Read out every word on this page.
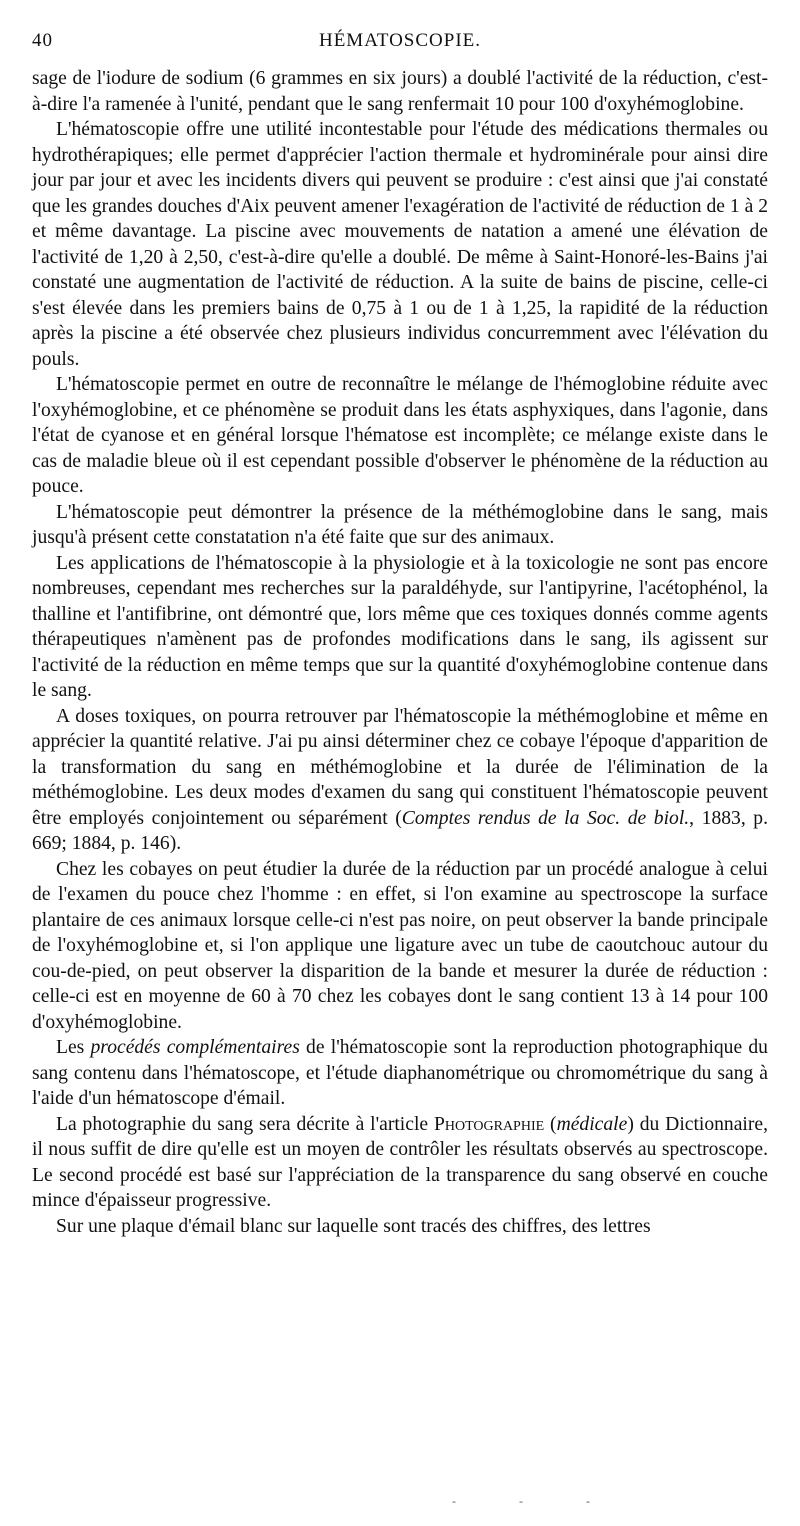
40	HÉMATOSCOPIE.

sage de l'iodure de sodium (6 grammes en six jours) a doublé l'activité de la réduction, c'est-à-dire l'a ramenée à l'unité, pendant que le sang renfermait 10 pour 100 d'oxyhémoglobine.

L'hématoscopie offre une utilité incontestable pour l'étude des médications thermales ou hydrothérapiques; elle permet d'apprécier l'action thermale et hydrominérale pour ainsi dire jour par jour et avec les incidents divers qui peuvent se produire : c'est ainsi que j'ai constaté que les grandes douches d'Aix peuvent amener l'exagération de l'activité de réduction de 1 à 2 et même davantage. La piscine avec mouvements de natation a amené une élévation de l'activité de 1,20 à 2,50, c'est-à-dire qu'elle a doublé. De même à Saint-Honoré-les-Bains j'ai constaté une augmentation de l'activité de réduction. A la suite de bains de piscine, celle-ci s'est élevée dans les premiers bains de 0,75 à 1 ou de 1 à 1,25, la rapidité de la réduction après la piscine a été observée chez plusieurs individus concurremment avec l'élévation du pouls.

L'hématoscopie permet en outre de reconnaître le mélange de l'hémoglobine réduite avec l'oxyhémoglobine, et ce phénomène se produit dans les états asphyxiques, dans l'agonie, dans l'état de cyanose et en général lorsque l'hématose est incomplète; ce mélange existe dans le cas de maladie bleue où il est cependant possible d'observer le phénomène de la réduction au pouce.

L'hématoscopie peut démontrer la présence de la méthémoglobine dans le sang, mais jusqu'à présent cette constatation n'a été faite que sur des animaux.

Les applications de l'hématoscopie à la physiologie et à la toxicologie ne sont pas encore nombreuses, cependant mes recherches sur la paraldéhyde, sur l'antipyrine, l'acétophénol, la thalline et l'antifibrine, ont démontré que, lors même que ces toxiques donnés comme agents thérapeutiques n'amènent pas de profondes modifications dans le sang, ils agissent sur l'activité de la réduction en même temps que sur la quantité d'oxyhémoglobine contenue dans le sang.

A doses toxiques, on pourra retrouver par l'hématoscopie la méthémoglobine et même en apprécier la quantité relative. J'ai pu ainsi déterminer chez ce cobaye l'époque d'apparition de la transformation du sang en méthémoglobine et la durée de l'élimination de la méthémoglobine. Les deux modes d'examen du sang qui constituent l'hématoscopie peuvent être employés conjointement ou séparément (Comptes rendus de la Soc. de biol., 1883, p. 669; 1884, p. 146).

Chez les cobayes on peut étudier la durée de la réduction par un procédé analogue à celui de l'examen du pouce chez l'homme : en effet, si l'on examine au spectroscope la surface plantaire de ces animaux lorsque celle-ci n'est pas noire, on peut observer la bande principale de l'oxyhémoglobine et, si l'on applique une ligature avec un tube de caoutchouc autour du cou-de-pied, on peut observer la disparition de la bande et mesurer la durée de réduction : celle-ci est en moyenne de 60 à 70 chez les cobayes dont le sang contient 13 à 14 pour 100 d'oxyhémoglobine.

Les procédés complémentaires de l'hématoscopie sont la reproduction photographique du sang contenu dans l'hématoscope, et l'étude diaphanométrique ou chromométrique du sang à l'aide d'un hématoscope d'émail.

La photographie du sang sera décrite à l'article Photographie (médicale) du Dictionnaire, il nous suffit de dire qu'elle est un moyen de contrôler les résultats observés au spectroscope. Le second procédé est basé sur l'appréciation de la transparence du sang observé en couche mince d'épaisseur progressive.

Sur une plaque d'émail blanc sur laquelle sont tracés des chiffres, des lettres

- - -
